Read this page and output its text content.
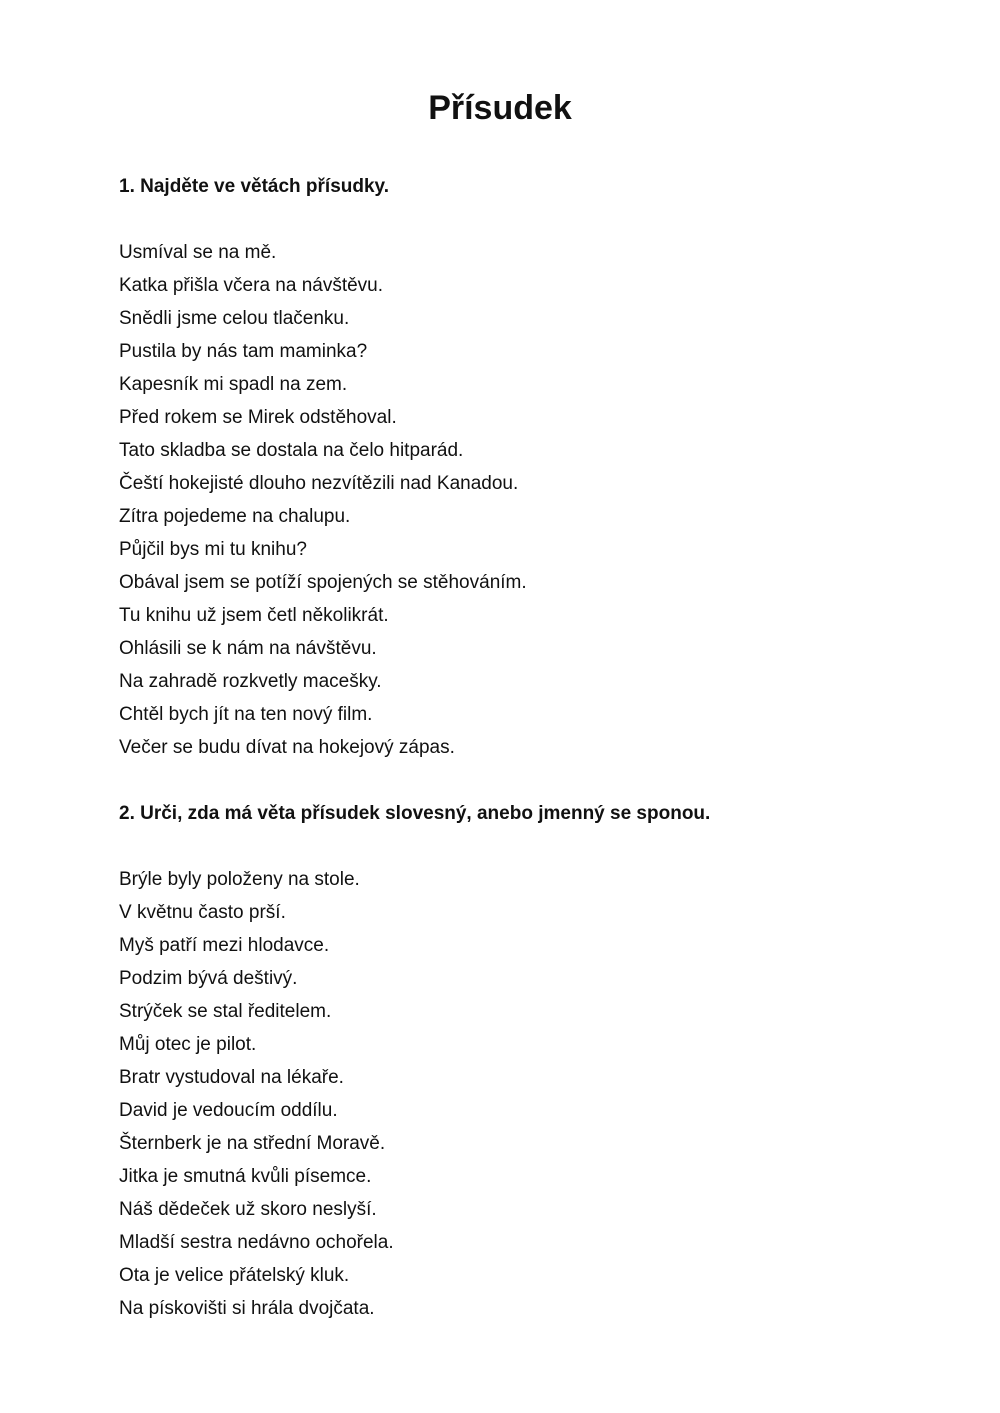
Přísudek
1. Najděte ve větách přísudky.
Usmíval se na mě.
Katka přišla včera na návštěvu.
Snědli jsme celou tlačenku.
Pustila by nás tam maminka?
Kapesník mi spadl na zem.
Před rokem se Mirek odstěhoval.
Tato skladba se dostala na čelo hitparád.
Čeští hokejisté dlouho nezvítězili nad Kanadou.
Zítra pojedeme na chalupu.
Půjčil bys mi tu knihu?
Obával jsem se potíží spojených se stěhováním.
Tu knihu už jsem četl několikrát.
Ohlásili se k nám na návštěvu.
Na zahradě rozkvetly macešky.
Chtěl bych jít na ten nový film.
Večer se budu dívat na hokejový zápas.
2. Urči, zda má věta přísudek slovesný, anebo jmenný se sponou.
Brýle byly položeny na stole.
V květnu často prší.
Myš patří mezi hlodavce.
Podzim bývá deštivý.
Strýček se stal ředitelem.
Můj otec je pilot.
Bratr vystudoval na lékaře.
David je vedoucím oddílu.
Šternberk je na střední Moravě.
Jitka je smutná kvůli písemce.
Náš dědeček už skoro neslyší.
Mladší sestra nedávno ochořela.
Ota je velice přátelský kluk.
Na pískovišti si hrála dvojčata.
